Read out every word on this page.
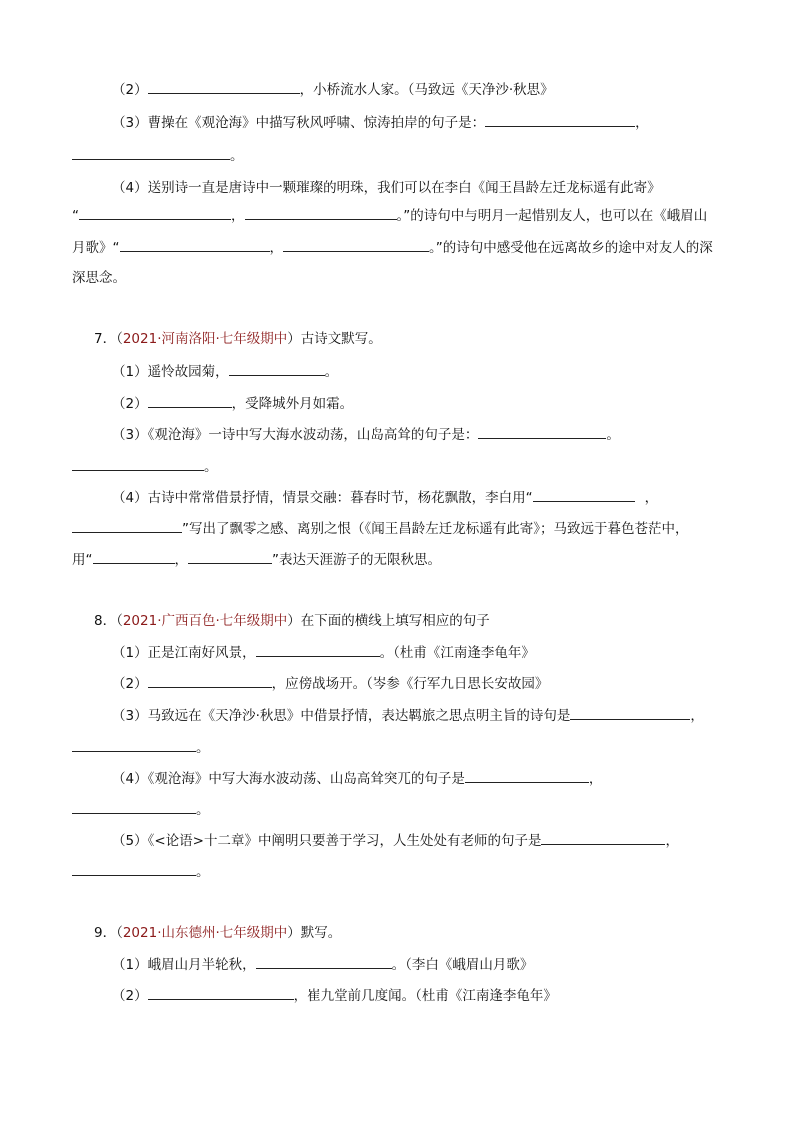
（2）	，小桥流水人家。（马致远《天净沙·秋思》
（3）曹操在《观沧海》中描写秋风呼啸、惊涛拍岸的句子是：	，
。
（4）送别诗一直是唐诗中一颗璀璨的明珠，我们可以在李白《闻王昌龄左迁龙标遥有此寄》
“	，	。”的诗句中与明月一起惜别友人，也可以在《峨眉山
月歌》“	，	。”的诗句中感受他在远离故乡的途中对友人的深
深思念。
7．（2021·河南洛阳·七年级期中）古诗文默写。
（1）遥怜故园菊，	。
（2）	，受降城外月如霜。
（3）《观沧海》一诗中写大海水波动荡，山岛高耸的句子是：	。
。
（4）古诗中常常借景抒情，情景交融：暮春时节，杨花飘散，李白用“	，
”写出了飘零之感、离别之恨（《闻王昌龄左迁龙标遥有此寄》；马致远于暮色苍茫中，
用“	，	”表达天涯游子的无限秋思。
8．（2021·广西百色·七年级期中）在下面的横线上填写相应的句子
（1）正是江南好风景，	。（杜甫《江南逢李龟年》
（2）	，应傍战场开。（岑参《行军九日思长安故园》
（3）马致远在《天净沙·秋思》中借景抒情，表达羁旅之思点明主旨的诗句是	，
。
（4）《观沧海》中写大海水波动荡、山岛高耸突兀的句子是	，
。
（5）《<论语>十二章》中阐明只要善于学习，人生处处有老师的句子是	，
。
9．（2021·山东德州·七年级期中）默写。
（1）峨眉山月半轮秋，	。（李白《峨眉山月歌》
（2）	，崔九堂前几度闻。（杜甫《江南逢李龟年》
